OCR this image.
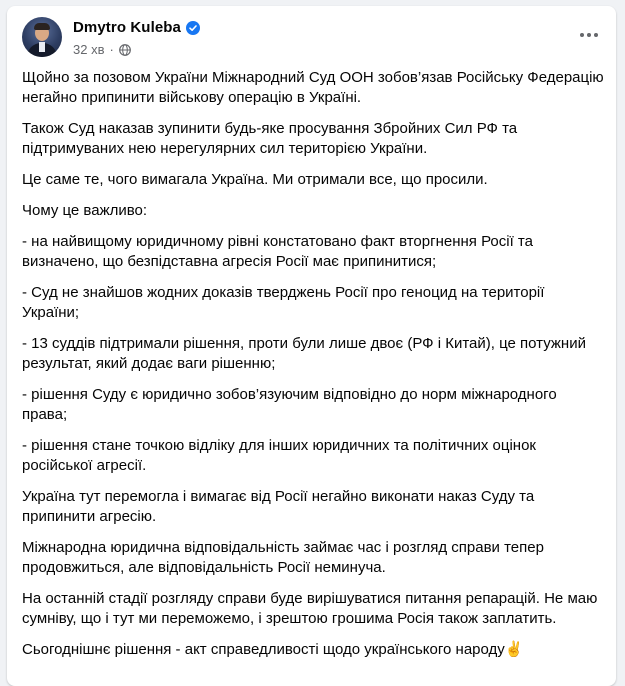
Dmytro Kuleba
32 хв ·

Щойно за позовом України Міжнародний Суд ООН зобов’язав Російську Федерацію негайно припинити військову операцію в Україні.

Також Суд наказав зупинити будь-яке просування Збройних Сил РФ та підтримуваних нею нерегулярних сил територією України.

Це саме те, чого вимагала Україна. Ми отримали все, що просили.

Чому це важливо:

- на найвищому юридичному рівні констатовано факт вторгнення Росії та визначено, що безпідставна агресія Росії має припинитися;

- Суд не знайшов жодних доказів тверджень Росії про геноцид на території України;

- 13 суддів підтримали рішення, проти були лише двоє (РФ і Китай), це потужний результат, який додає ваги рішенню;

- рішення Суду є юридично зобов’язуючим відповідно до норм міжнародного права;

- рішення стане точкою відліку для інших юридичних та політичних оцінок російської агресії.

Україна тут перемогла і вимагає від Росії негайно виконати наказ Суду та припинити агресію.

Міжнародна юридична відповідальність займає час і розгляд справи тепер продовжиться, але відповідальність Росії неминуча.

На останній стадії розгляду справи буде вирішуватися питання репарацій. Не маю сумніву, що і тут ми переможемо, і зрештою грошима Росія також заплатить.

Сьогоднішнє рішення - акт справедливості щодо українського народу✌️
